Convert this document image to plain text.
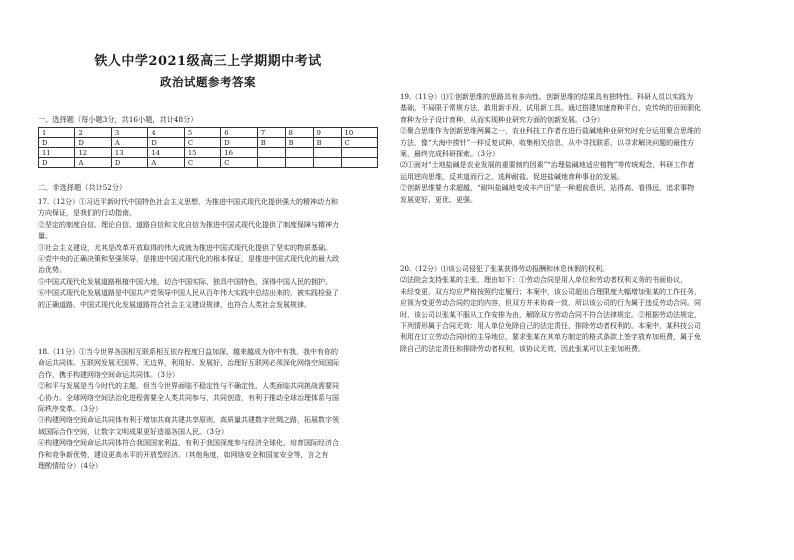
铁人中学2021级高三上学期期中考试
政治试题参考答案
一、选择题（每小题3分，共16小题，共计48分）
1	2	3	4	5	6	7	8	9	10
D	D	A	D	C	D	B	B	B	C
11	12	13	14	15	16				
D	A	D	A	C	C				
二、非选择题（共计52分）
17.（12分）①习近平新时代中国特色社会主义思想，为推进中国式现代化提供强大的精神动力和
方向保证，是我们的行动指南。
②坚定的制度自信、理论自信、道路自信和文化自信为推进中国式现代化提供了制度保障与精神力
量。
③社会主义建设，尤其是改革开放取得的伟大成就为推进中国式现代化提供了坚实的物质基础。
④党中央的正确决策和坚强领导，是推进中国式现代化的根本保证，是推进中国式现代化的最大政
治优势。
⑤中国式现代化发展道路根植中国大地，切合中国实际，独具中国特色，深得中国人民的拥护。
⑥中国式现代化发展道路是中国共产党领导中国人民从百年伟大实践中总结出来的，被实践检验了
的正确道路。中国式现代化发展道路符合社会主义建设规律，也符合人类社会发展规律。
18.（11分）①当今世界各国相互联系相互依存程度日益加深，越来越成为你中有我，我中有你的
命运共同体。互联网发展无国界、无边界，利用好、发展好、治理好互联网必须深化网络空间国际
合作，携手构建网络空间命运共同体。（3分）
②和平与发展是当今时代的主题，但当今世界面临不稳定性与不确定性，人类面临共同挑战需要同
心协力。全球网络空间法治化进程需要全人类共同参与，共同创造，有利于推动全球治理体系与国
际秩序变革。（3分）
③构建网络空间命运共同体有利于增加共商共建共享原则，高质量共建数字丝绸之路，拓展数字领
域国际合作空间，让数字文明成果更好造福各国人民。（3分）
④构建网络空间命运共同体符合我国国家利益，有利于我国深度参与经济全球化，培育国际经济合
作和竞争新优势，建设更高水平的开放型经济。（其他角度，如网络安全和国家安全等，言之有
理酌情给分）（4分）
19.（11分）⑴①创新思维的思路具有多向性、创新思维的结果具有独特性。科研人员以实践为
基础，不局限于常规方法，敢用新手段，试用新工具，通过搭建加速育种平台，克传统的田间驯化
育种为分子设计育种，从而实现种业研究方面的创新发展。（3分）
②聚合思维作为创新思维两翼之一，农业科技工作者在进行盐碱地种业研究时充分运用聚合思维的
方法，像“大海中捞针”一样反复试种，收集相关信息，从中寻找联系，以寻求解决问题的最佳方
案，最终完成科研探索。（3分）
⑵①面对“土地盐碱是农业发展的重要制约因素”“治理盐碱地适应植物”等传统观念，科研工作者
运用逆向思维，反其道而行之，选种耐盐、促进盐碱地育种事业的发展。
②创新思维要力求超越，“耐叫盐碱地变成丰产田”是一种超前意识，站得高、看得远，追求事物
发展更好、更优、更强。
20.（12分）⑴该公司侵犯了张某获得劳动报酬和休息休假的权利。
⑵法院会支持张某的主张，理由如下：①劳动合同是用人单位和劳动者权利义务的书面协议，
未经变更，双方均应严格按照约定履行；本案中，该公司超出合理限度大幅增加张某的工作任务，
应视为变更劳动合同约定的内容，但双方并未协商一致，所以该公司的行为属于违反劳动合同。同
时，该公司以张某不服从工作安排为由，解除双方劳动合同不符合法律规定。②根据劳动法规定，
下列情形属于合同无效：用人单位免除自己的法定责任，排除劳动者权利的。本案中，某科技公司
利用在订立劳动合同时的主导地位，要求张某在其单方制定的格式条款上签字放弃加班费，属于免
除自己的法定责任和排除劳动者权利，该协议无效，因此张某可以主张加班费。
